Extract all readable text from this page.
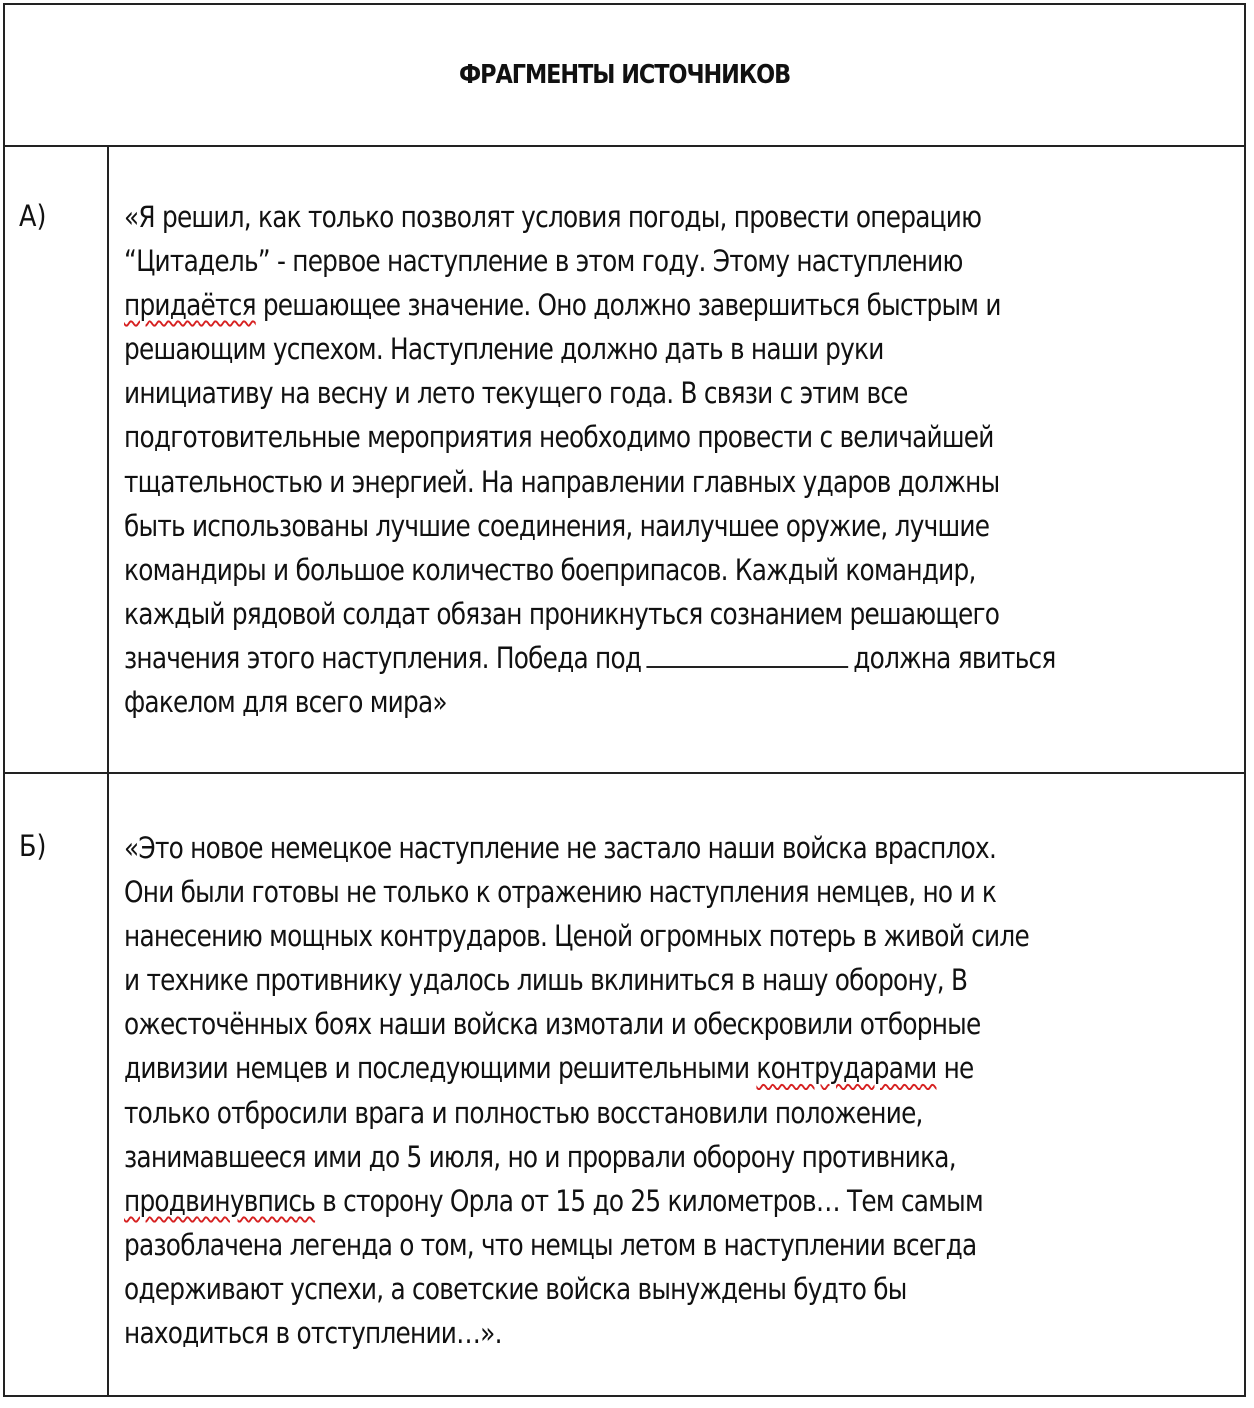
ФРАГМЕНТЫ ИСТОЧНИКОВ
А)	«Я решил, как только позволят условия погоды, провести операцию
“Цитадель” - первое наступление в этом году. Этому наступлению
придаётся решающее значение. Оно должно завершиться быстрым и
решающим успехом. Наступление должно дать в наши руки
инициативу на весну и лето текущего года. В связи с этим все
подготовительные мероприятия необходимо провести с величайшей
тщательностью и энергией. На направлении главных ударов должны
быть использованы лучшие соединения, наилучшее оружие, лучшие
командиры и большое количество боеприпасов. Каждый командир,
каждый рядовой солдат обязан проникнуться сознанием решающего
значения этого наступления. Победа под	должна явиться
факелом для всего мира»
Б)	«Это новое немецкое наступление не застало наши войска врасплох.
Они были готовы не только к отражению наступления немцев, но и к
нанесению мощных контрударов. Ценой огромных потерь в живой силе
и технике противнику удалось лишь вклиниться в нашу оборону, В
ожесточённых боях наши войска измотали и обескровили отборные
дивизии немцев и последующими решительными контрударами не
только отбросили врага и полностью восстановили положение,
занимавшееся ими до 5 июля, но и прорвали оборону противника,
продвинувпись в сторону Орла от 15 до 25 километров… Тем самым
разоблачена легенда о том, что немцы летом в наступлении всегда
одерживают успехи, а советские войска вынуждены будто бы
находиться в отступлении…».
